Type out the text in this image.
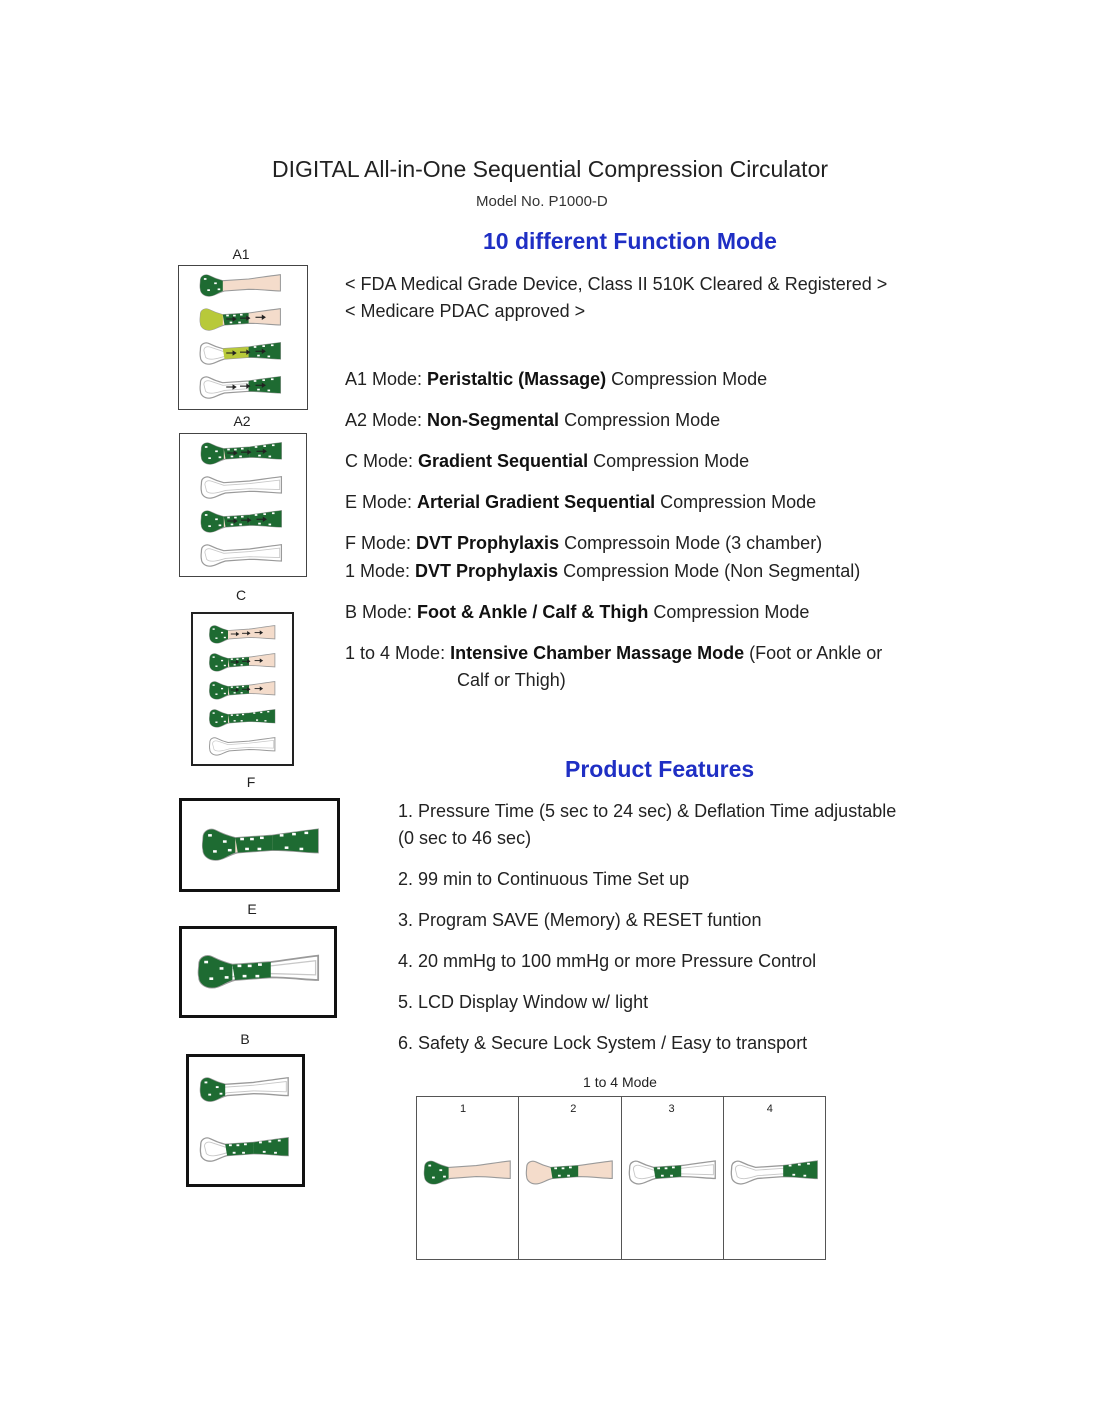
DIGITAL All-in-One Sequential Compression Circulator
Model No. P1000-D
10 different Function Mode
< FDA Medical Grade Device, Class II 510K Cleared & Registered >
< Medicare PDAC approved >
A1 Mode: Peristaltic (Massage) Compression Mode
A2 Mode: Non-Segmental Compression Mode
C Mode: Gradient Sequential Compression Mode
E Mode: Arterial Gradient Sequential Compression Mode
F Mode: DVT Prophylaxis Compressoin Mode (3 chamber)
1 Mode: DVT Prophylaxis Compression Mode (Non Segmental)
B Mode: Foot & Ankle / Calf & Thigh Compression Mode
1 to 4 Mode: Intensive Chamber Massage Mode (Foot or Ankle or
Calf or Thigh)
Product Features
1. Pressure Time (5 sec to 24 sec) & Deflation Time adjustable
(0 sec to 46 sec)
2. 99 min to Continuous Time Set up
3. Program SAVE (Memory) & RESET funtion
4. 20 mmHg to 100 mmHg or more Pressure Control
5. LCD Display Window w/ light
6. Safety & Secure Lock System / Easy to transport
A1
A2
C
F
E
B
1 to 4 Mode
1	2	3	4
